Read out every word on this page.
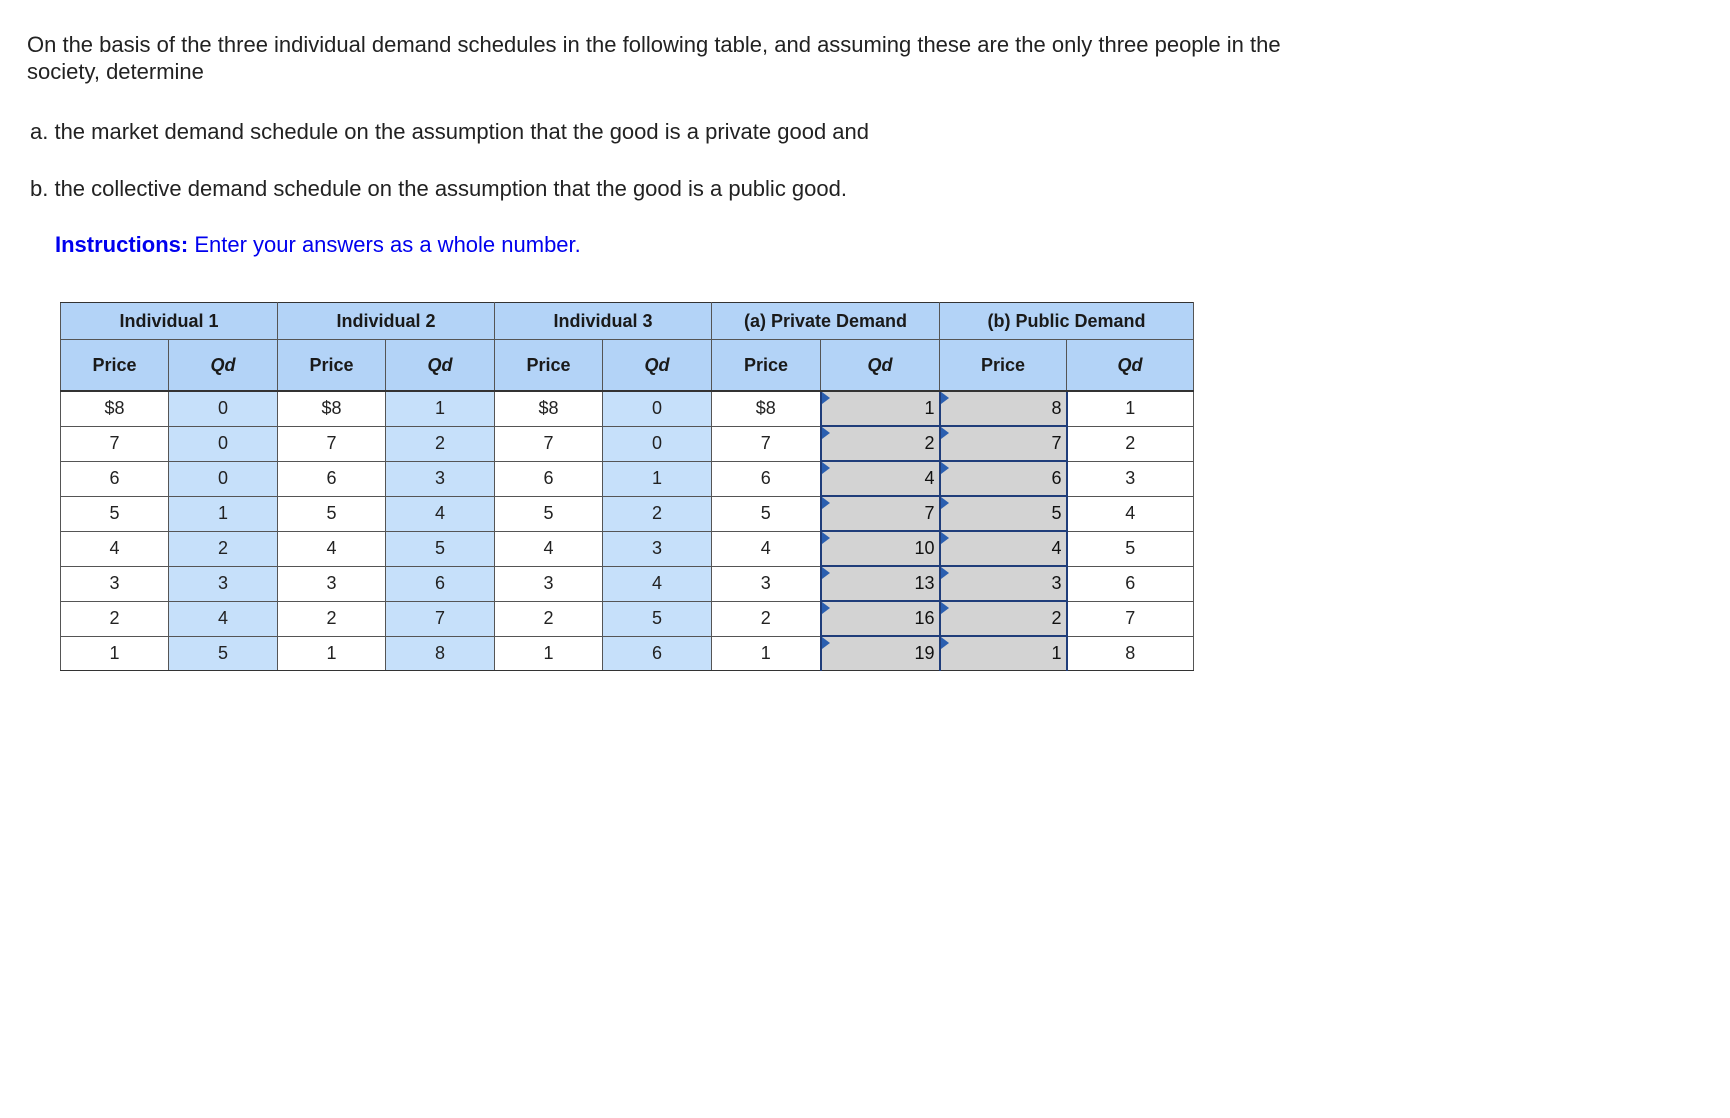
On the basis of the three individual demand schedules in the following table, and assuming these are the only three people in the

society, determine

a. the market demand schedule on the assumption that the good is a private good and
b. the collective demand schedule on the assumption that the good is a public good.
Instructions: Enter your answers as a whole number.
Individual 1		Individual 2		Individual 3		(a) Private Demand		(b) Public Demand	
Price	Qd	Price	Qd	Price	Qd	Price	Qd	Price	Qd
$8	0	$8	1	$8	0	$8	1	8	1
7	0	7	2	7	0	7	2	7	2
6	0	6	3	6	1	6	4	6	3
5	1	5	4	5	2	5	7	5	4
4	2	4	5	4	3	4	10	4	5
3	3	3	6	3	4	3	13	3	6
2	4	2	7	2	5	2	16	2	7
1	5	1	8	1	6	1	19	1	8
